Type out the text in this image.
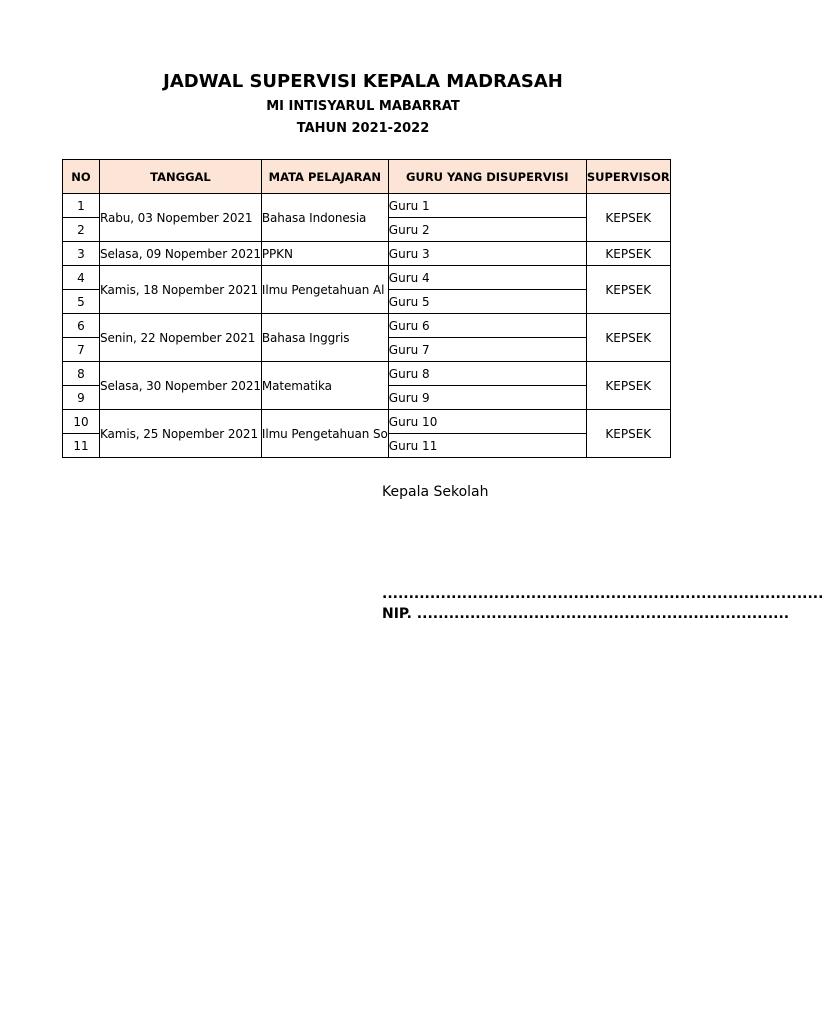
JADWAL SUPERVISI KEPALA MADRASAH
MI INTISYARUL MABARRAT
TAHUN 2021-2022
NO	TANGGAL	MATA PELAJARAN	GURU YANG DISUPERVISI	SUPERVISOR
1	Rabu, 03 Nopember 2021	Bahasa Indonesia	Guru 1	KEPSEK
2			Guru 2	
3	Selasa, 09 Nopember 2021	PPKN	Guru 3	KEPSEK
4	Kamis, 18 Nopember 2021	Ilmu Pengetahuan Al	Guru 4	KEPSEK
5			Guru 5	
6	Senin, 22 Nopember 2021	Bahasa Inggris	Guru 6	KEPSEK
7			Guru 7	
8	Selasa, 30 Nopember 2021	Matematika	Guru 8	KEPSEK
9			Guru 9	
10	Kamis, 25 Nopember 2021	Ilmu Pengetahuan So	Guru 10	KEPSEK
11			Guru 11	
Kepala Sekolah
...................................................................................
NIP. ......................................................................
